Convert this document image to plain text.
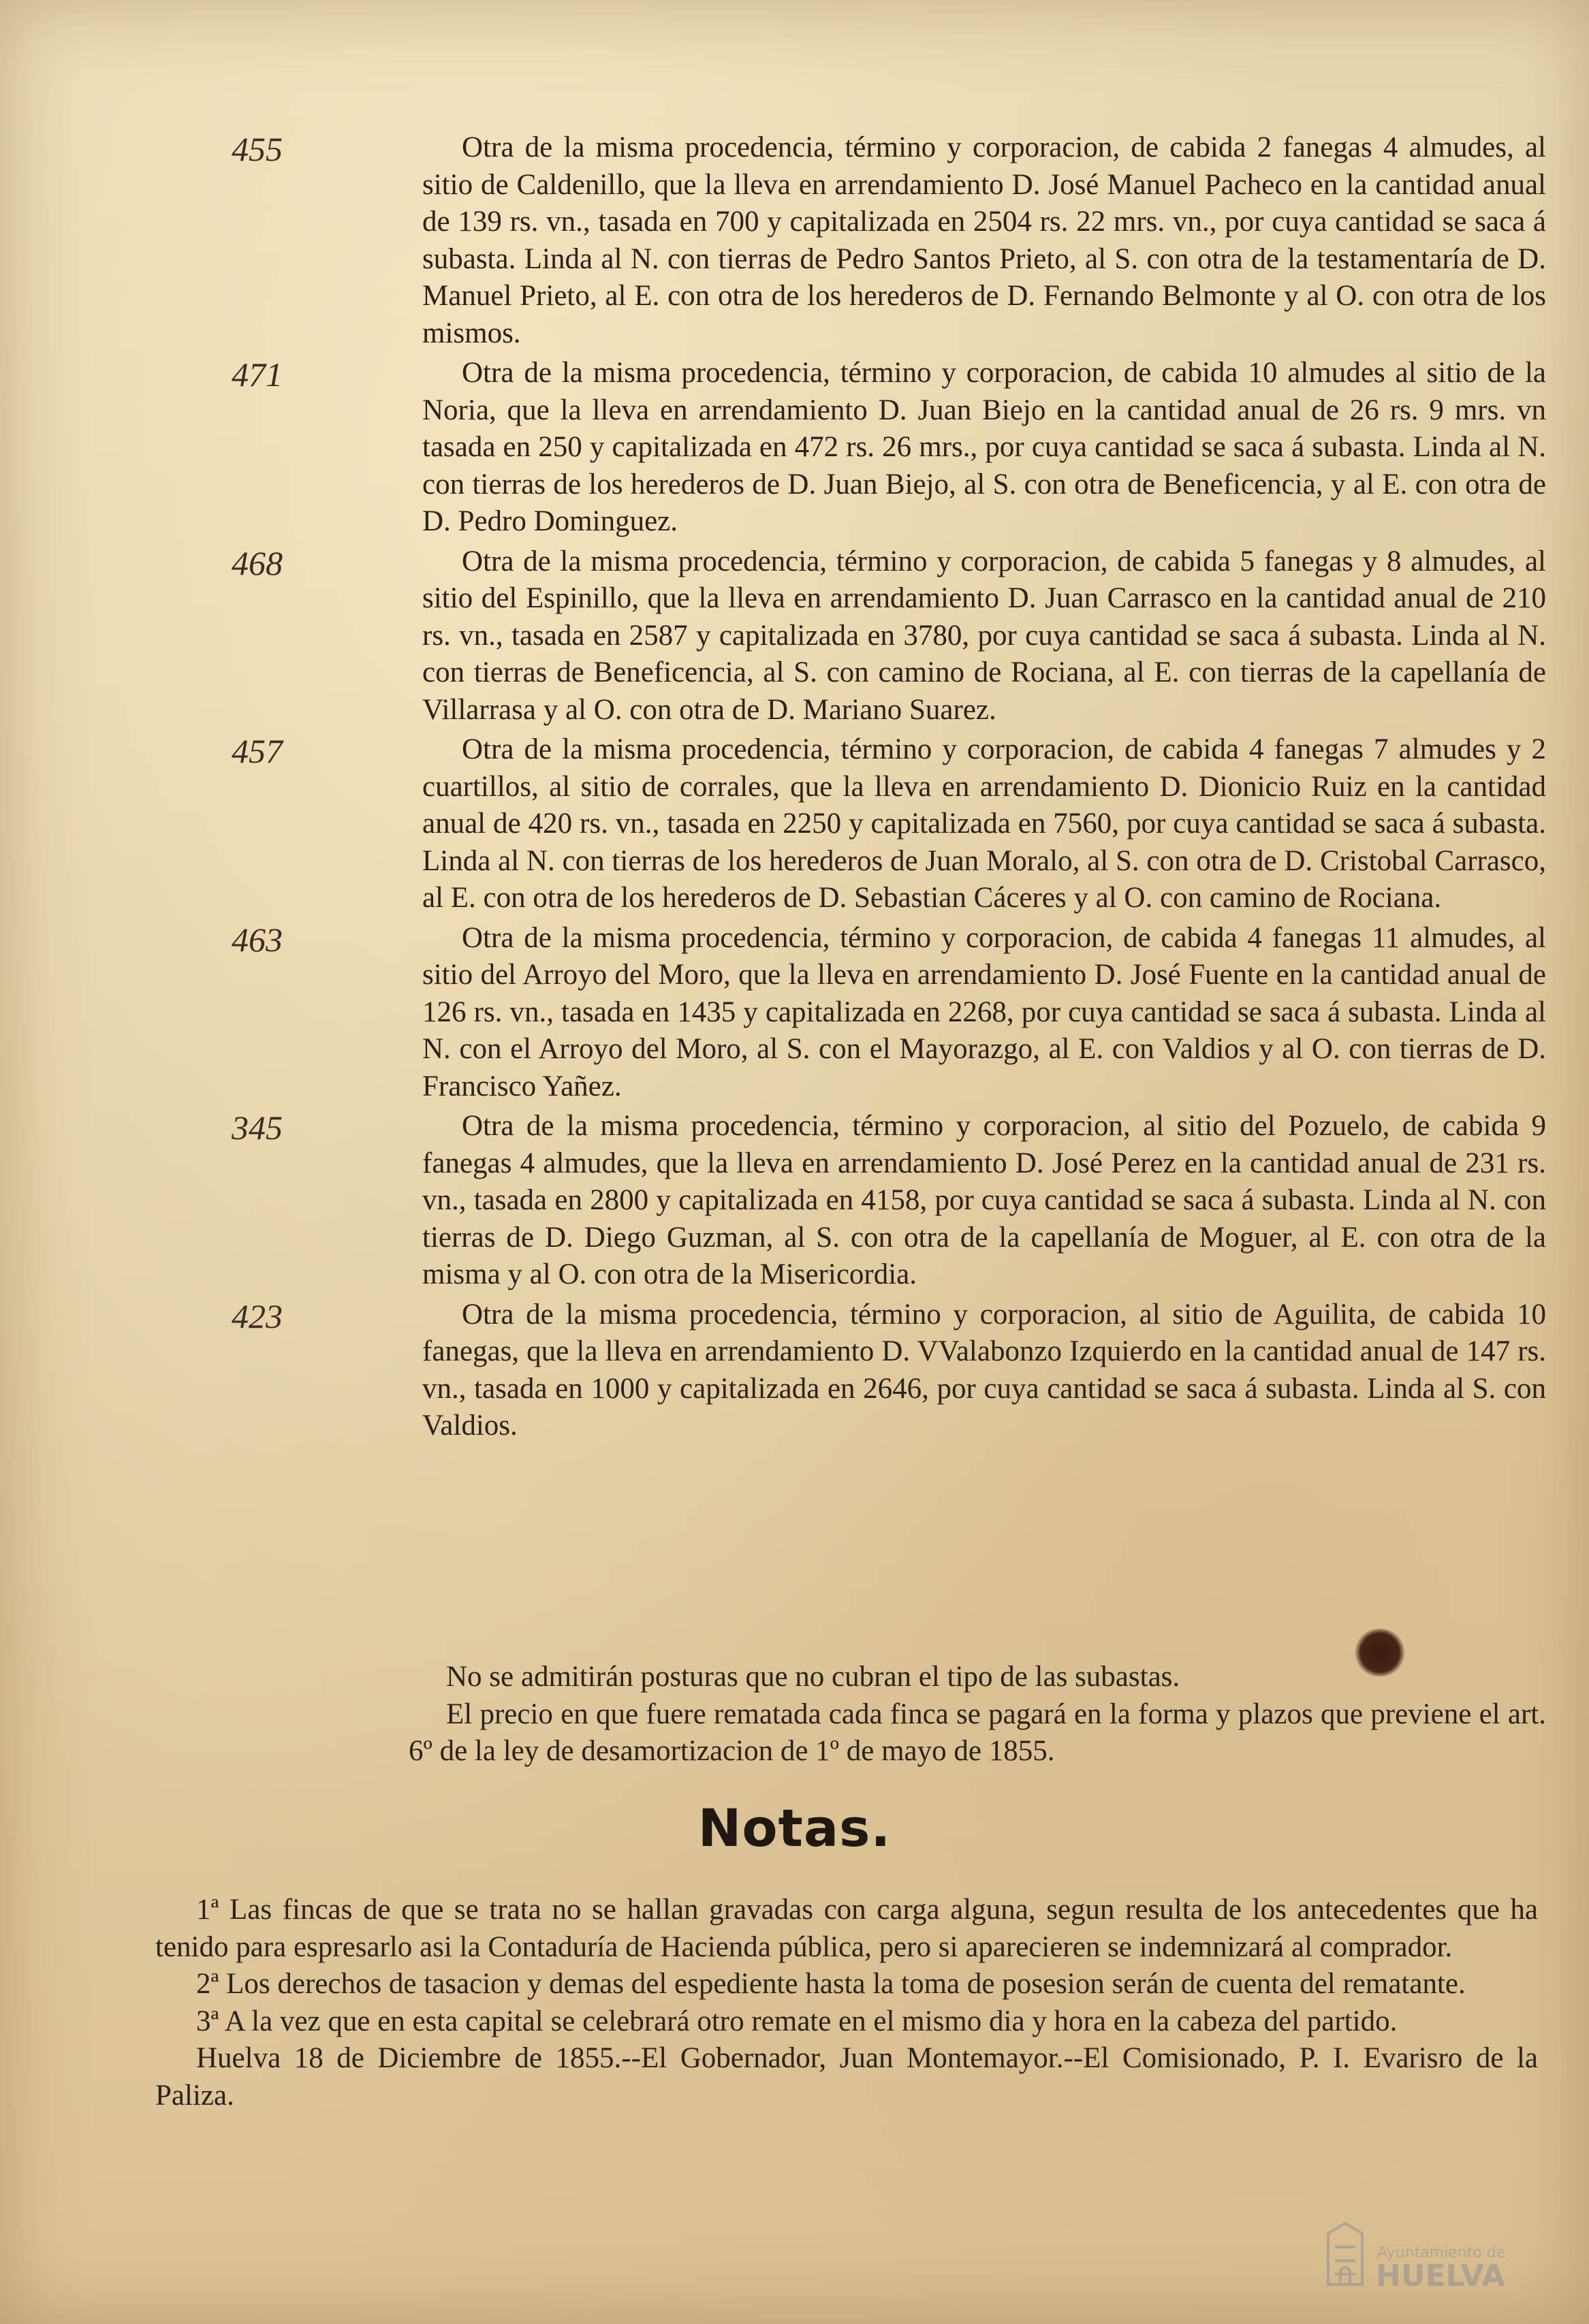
455	Otra de la misma procedencia, término y corporacion, de cabida 2 fanegas 4 almudes, al sitio de Caldenillo, que la lleva en arrendamiento D. José Manuel Pacheco en la cantidad anual de 139 rs. vn., tasada en 700 y capitalizada en 2504 rs. 22 mrs. vn., por cuya cantidad se saca á subasta. Linda al N. con tierras de Pedro Santos Prieto, al S. con otra de la testamentaría de D. Manuel Prieto, al E. con otra de los herederos de D. Fernando Belmonte y al O. con otra de los mismos.
471	Otra de la misma procedencia, término y corporacion, de cabida 10 almudes al sitio de la Noria, que la lleva en arrendamiento D. Juan Biejo en la cantidad anual de 26 rs. 9 mrs. vn tasada en 250 y capitalizada en 472 rs. 26 mrs., por cuya cantidad se saca á subasta. Linda al N. con tierras de los herederos de D. Juan Biejo, al S. con otra de Beneficencia, y al E. con otra de D. Pedro Dominguez.
468	Otra de la misma procedencia, término y corporacion, de cabida 5 fanegas y 8 almudes, al sitio del Espinillo, que la lleva en arrendamiento D. Juan Carrasco en la cantidad anual de 210 rs. vn., tasada en 2587 y capitalizada en 3780, por cuya cantidad se saca á subasta. Linda al N. con tierras de Beneficencia, al S. con camino de Rociana, al E. con tierras de la capellanía de Villarrasa y al O. con otra de D. Mariano Suarez.
457	Otra de la misma procedencia, término y corporacion, de cabida 4 fanegas 7 almudes y 2 cuartillos, al sitio de corrales, que la lleva en arrendamiento D. Dionicio Ruiz en la cantidad anual de 420 rs. vn., tasada en 2250 y capitalizada en 7560, por cuya cantidad se saca á subasta. Linda al N. con tierras de los herederos de Juan Moralo, al S. con otra de D. Cristobal Carrasco, al E. con otra de los herederos de D. Sebastian Cáceres y al O. con camino de Rociana.
463	Otra de la misma procedencia, término y corporacion, de cabida 4 fanegas 11 almudes, al sitio del Arroyo del Moro, que la lleva en arrendamiento D. José Fuente en la cantidad anual de 126 rs. vn., tasada en 1435 y capitalizada en 2268, por cuya cantidad se saca á subasta. Linda al N. con el Arroyo del Moro, al S. con el Mayorazgo, al E. con Valdios y al O. con tierras de D. Francisco Yañez.
345	Otra de la misma procedencia, término y corporacion, al sitio del Pozuelo, de cabida 9 fanegas 4 almudes, que la lleva en arrendamiento D. José Perez en la cantidad anual de 231 rs. vn., tasada en 2800 y capitalizada en 4158, por cuya cantidad se saca á subasta. Linda al N. con tierras de D. Diego Guzman, al S. con otra de la capellanía de Moguer, al E. con otra de la misma y al O. con otra de la Misericordia.
423	Otra de la misma procedencia, término y corporacion, al sitio de Aguilita, de cabida 10 fanegas, que la lleva en arrendamiento D. VValabonzo Izquierdo en la cantidad anual de 147 rs. vn., tasada en 1000 y capitalizada en 2646, por cuya cantidad se saca á subasta. Linda al S. con Valdios.

No se admitirán posturas que no cubran el tipo de las subastas.

El precio en que fuere rematada cada finca se pagará en la forma y plazos que previene el art. 6º de la ley de desamortizacion de 1º de mayo de 1855.

Notas.

1ª Las fincas de que se trata no se hallan gravadas con carga alguna, segun resulta de los antecedentes que ha tenido para espresarlo asi la Contaduría de Hacienda pública, pero si aparecieren se indemnizará al comprador.

2ª Los derechos de tasacion y demas del espediente hasta la toma de posesion serán de cuenta del rematante.

3ª A la vez que en esta capital se celebrará otro remate en el mismo dia y hora en la cabeza del partido.

Huelva 18 de Diciembre de 1855.--El Gobernador, Juan Montemayor.--El Comisionado, P. I. Evarisro de la Paliza.

Ayuntamiento de
HUELVA
